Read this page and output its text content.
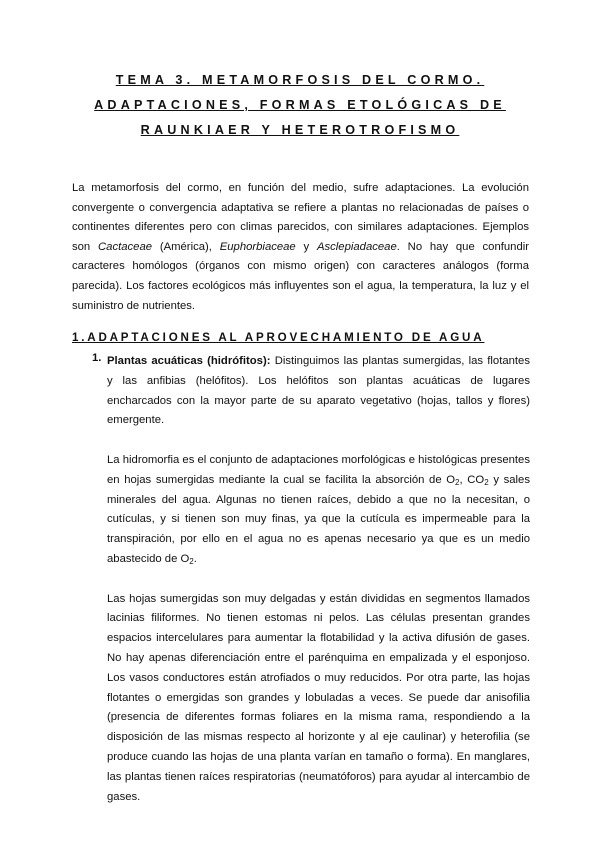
TEMA 3. METAMORFOSIS DEL CORMO.
ADAPTACIONES, FORMAS ETOLÓGICAS DE
RAUNKIAER Y HETEROTROFISMO

La metamorfosis del cormo, en función del medio, sufre adaptaciones. La evolución convergente o convergencia adaptativa se refiere a plantas no relacionadas de países o continentes diferentes pero con climas parecidos, con similares adaptaciones. Ejemplos son Cactaceae (América), Euphorbiaceae y Asclepiadaceae. No hay que confundir caracteres homólogos (órganos con mismo origen) con caracteres análogos (forma parecida). Los factores ecológicos más influyentes son el agua, la temperatura, la luz y el suministro de nutrientes.

1.ADAPTACIONES AL APROVECHAMIENTO DE AGUA
1. Plantas acuáticas (hidrófitos): Distinguimos las plantas sumergidas, las flotantes y las anfibias (helófitos). Los helófitos son plantas acuáticas de lugares encharcados con la mayor parte de su aparato vegetativo (hojas, tallos y flores) emergente.

La hidromorfia es el conjunto de adaptaciones morfológicas e histológicas presentes en hojas sumergidas mediante la cual se facilita la absorción de $O_2$, $CO_2$ y sales minerales del agua. Algunas no tienen raíces, debido a que no la necesitan, o cutículas, y si tienen son muy finas, ya que la cutícula es impermeable para la transpiración, por ello en el agua no es apenas necesario ya que es un medio abastecido de $O_2$.

Las hojas sumergidas son muy delgadas y están divididas en segmentos llamados lacinias filiformes. No tienen estomas ni pelos. Las células presentan grandes espacios intercelulares para aumentar la flotabilidad y la activa difusión de gases. No hay apenas diferenciación entre el parénquima en empalizada y el esponjoso. Los vasos conductores están atrofiados o muy reducidos. Por otra parte, las hojas flotantes o emergidas son grandes y lobuladas a veces. Se puede dar anisofilia (presencia de diferentes formas foliares en la misma rama, respondiendo a la disposición de las mismas respecto al horizonte y al eje caulinar) y heterofilia (se produce cuando las hojas de una planta varían en tamaño o forma). En manglares, las plantas tienen raíces respiratorias (neumatóforos) para ayudar al intercambio de gases.
